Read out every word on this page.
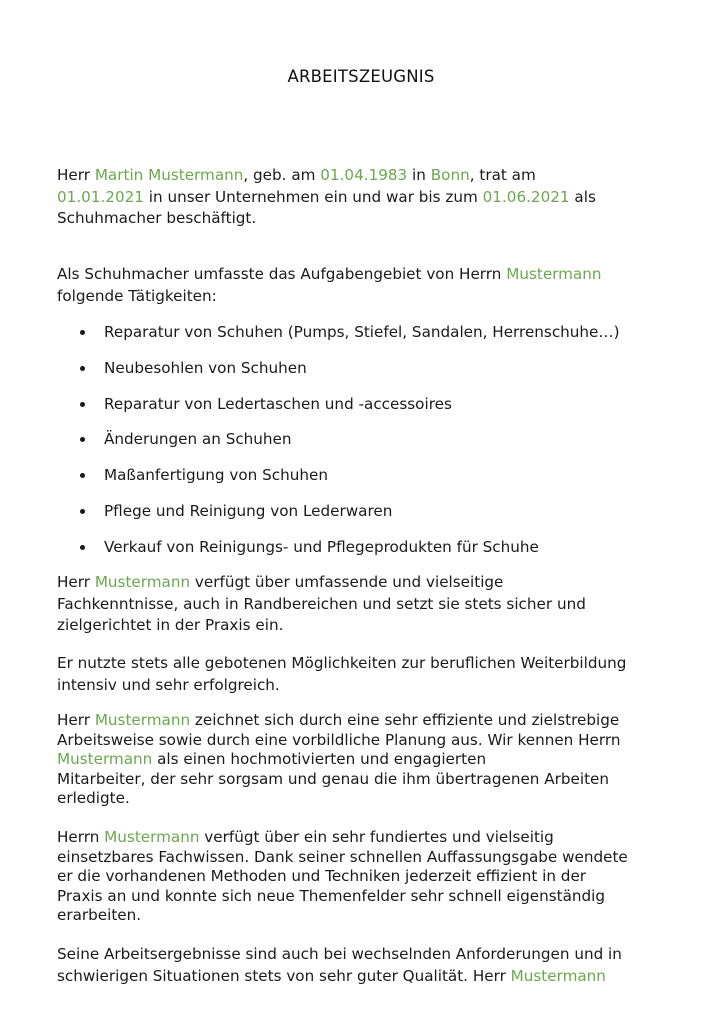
ARBEITSZEUGNIS
Herr Martin Mustermann, geb. am 01.04.1983 in Bonn, trat am
01.01.2021 in unser Unternehmen ein und war bis zum 01.06.2021 als
Schuhmacher beschäftigt.
Als Schuhmacher umfasste das Aufgabengebiet von Herrn Mustermann
folgende Tätigkeiten:
Reparatur von Schuhen (Pumps, Stiefel, Sandalen, Herrenschuhe…)
Neubesohlen von Schuhen
Reparatur von Ledertaschen und -accessoires
Änderungen an Schuhen
Maßanfertigung von Schuhen
Pflege und Reinigung von Lederwaren
Verkauf von Reinigungs- und Pflegeprodukten für Schuhe
Herr Mustermann verfügt über umfassende und vielseitige
Fachkenntnisse, auch in Randbereichen und setzt sie stets sicher und
zielgerichtet in der Praxis ein.
Er nutzte stets alle gebotenen Möglichkeiten zur beruflichen Weiterbildung
intensiv und sehr erfolgreich.
Herr Mustermann zeichnet sich durch eine sehr effiziente und zielstrebige
Arbeitsweise sowie durch eine vorbildliche Planung aus. Wir kennen Herrn
Mustermann als einen hochmotivierten und engagierten
Mitarbeiter, der sehr sorgsam und genau die ihm übertragenen Arbeiten
erledigte.
Herrn Mustermann verfügt über ein sehr fundiertes und vielseitig
einsetzbares Fachwissen. Dank seiner schnellen Auffassungsgabe wendete
er die vorhandenen Methoden und Techniken jederzeit effizient in der
Praxis an und konnte sich neue Themenfelder sehr schnell eigenständig
erarbeiten.
Seine Arbeitsergebnisse sind auch bei wechselnden Anforderungen und in
schwierigen Situationen stets von sehr guter Qualität. Herr Mustermann
